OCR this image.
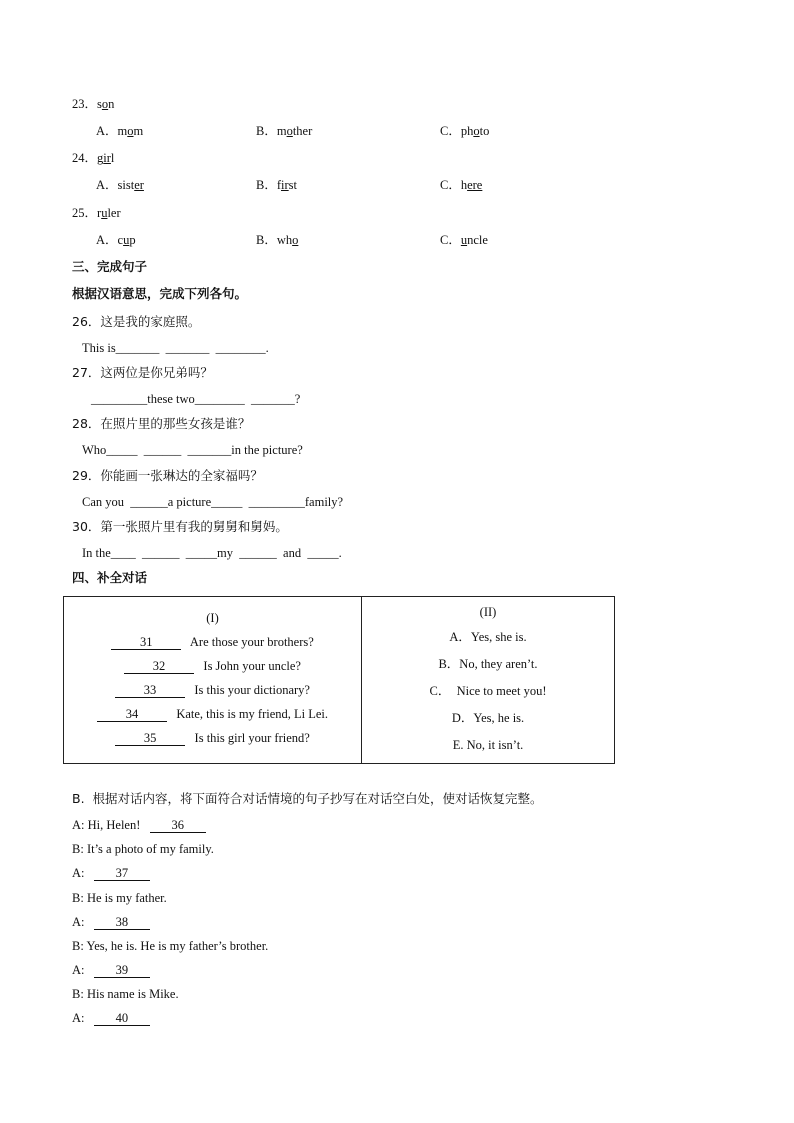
23．son
A．mom	B．mother	C．photo
24．girl
A．sister	B．first	C．here
25．ruler
A．cup	B．who	C．uncle
三、完成句子
根据汉语意思，完成下列各句。
26．这是我的家庭照。
This is_______  _______  ________.
27．这两位是你兄弟吗？
_________these two________  _______?
28．在照片里的那些女孩是谁？
Who_____  ______  _______in the picture?
29．你能画一张琳达的全家福吗？
Can you  ______a picture_____  _________family?
30．第一张照片里有我的舅舅和舅妈。
In the____  ______  _____my  ______  and  _____.
四、补全对话
(I)
31	Are those your brothers?
32	Is John your uncle?
33	Is this your dictionary?
34	Kate, this is my friend, Li Lei.
35	Is this girl your friend?
(II)
A．Yes, she is.
B．No, they aren’t.
C．  Nice to meet you!
D．Yes, he is.
E. No, it isn’t.
B.  根据对话内容，将下面符合对话情境的句子抄写在对话空白处，使对话恢复完整。
A: Hi, Helen! 36
B: It’s a photo of my family.
A: 37
B: He is my father.
A: 38
B: Yes, he is. He is my father’s brother.
A: 39
B: His name is Mike.
A: 40
